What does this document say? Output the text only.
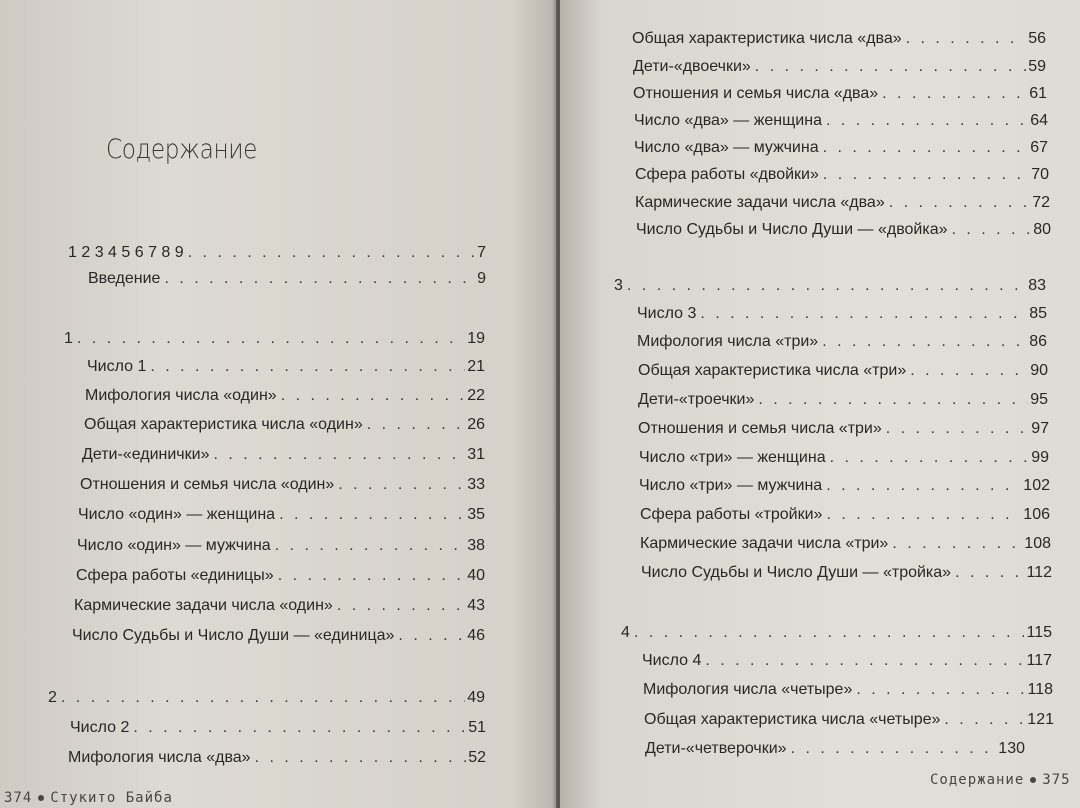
Содержание
1 2 3 4 5 6 7 8 9 . . .	7
Введение . . .	9
1 . . .	19
Число 1 . . .	21
Мифология числа «один» . . .	22
Общая характеристика числа «один» . . .	26
Дети-«единички» . . .	31
Отношения и семья числа «один» . . .	33
Число «один» — женщина . . .	35
Число «один» — мужчина . . .	38
Сфера работы «единицы» . . .	40
Кармические задачи числа «один» . . .	43
Число Судьбы и Число Души — «единица» . . .	46
2 . . .	49
Число 2 . . .	51
Мифология числа «два» . . .	52
374 Стукито Байба
Общая характеристика числа «два» . . .	56
Дети-«двоечки» . . .	59
Отношения и семья числа «два» . . .	61
Число «два» — женщина . . .	64
Число «два» — мужчина . . .	67
Сфера работы «двойки» . . .	70
Кармические задачи числа «два» . . .	72
Число Судьбы и Число Души — «двойка» . . .	80
3 . . .	83
Число 3 . . .	85
Мифология числа «три» . . .	86
Общая характеристика числа «три» . . .	90
Дети-«троечки» . . .	95
Отношения и семья числа «три» . . .	97
Число «три» — женщина . . .	99
Число «три» — мужчина . . .	102
Сфера работы «тройки» . . .	106
Кармические задачи числа «три» . . .	108
Число Судьбы и Число Души — «тройка» . . .	112
4 . . .	115
Число 4 . . .	117
Мифология числа «четыре» . . .	118
Общая характеристика числа «четыре» . . .	121
Дети-«четверочки» . . .	130
Содержание 375
